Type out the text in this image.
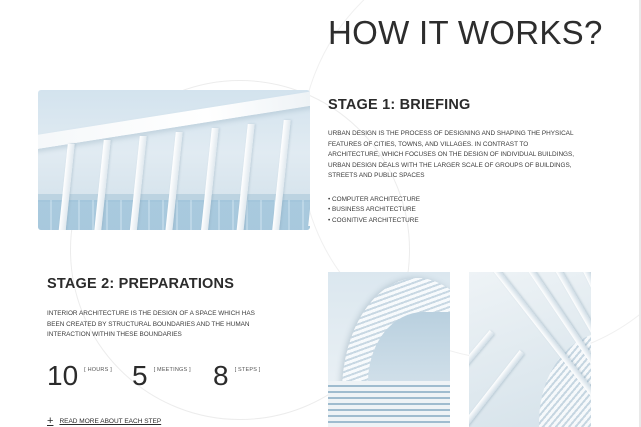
HOW IT WORKS?
STAGE 1: BRIEFING

URBAN DESIGN IS THE PROCESS OF DESIGNING AND SHAPING THE PHYSICAL FEATURES OF CITIES, TOWNS, AND VILLAGES. IN CONTRAST TO ARCHITECTURE, WHICH FOCUSES ON THE DESIGN OF INDIVIDUAL BUILDINGS, URBAN DESIGN DEALS WITH THE LARGER SCALE OF GROUPS OF BUILDINGS, STREETS AND PUBLIC SPACES

• COMPUTER ARCHITECTURE
• BUSINESS ARCHITECTURE
• COGNITIVE ARCHITECTURE
STAGE 2: PREPARATIONS

INTERIOR ARCHITECTURE IS THE DESIGN OF A SPACE WHICH HAS BEEN CREATED BY STRUCTURAL BOUNDARIES AND THE HUMAN INTERACTION WITHIN THESE BOUNDARIES

10 [ HOURS ] 5 [ MEETINGS ] 8 [ STEPS ]
+ READ MORE ABOUT EACH STEP
